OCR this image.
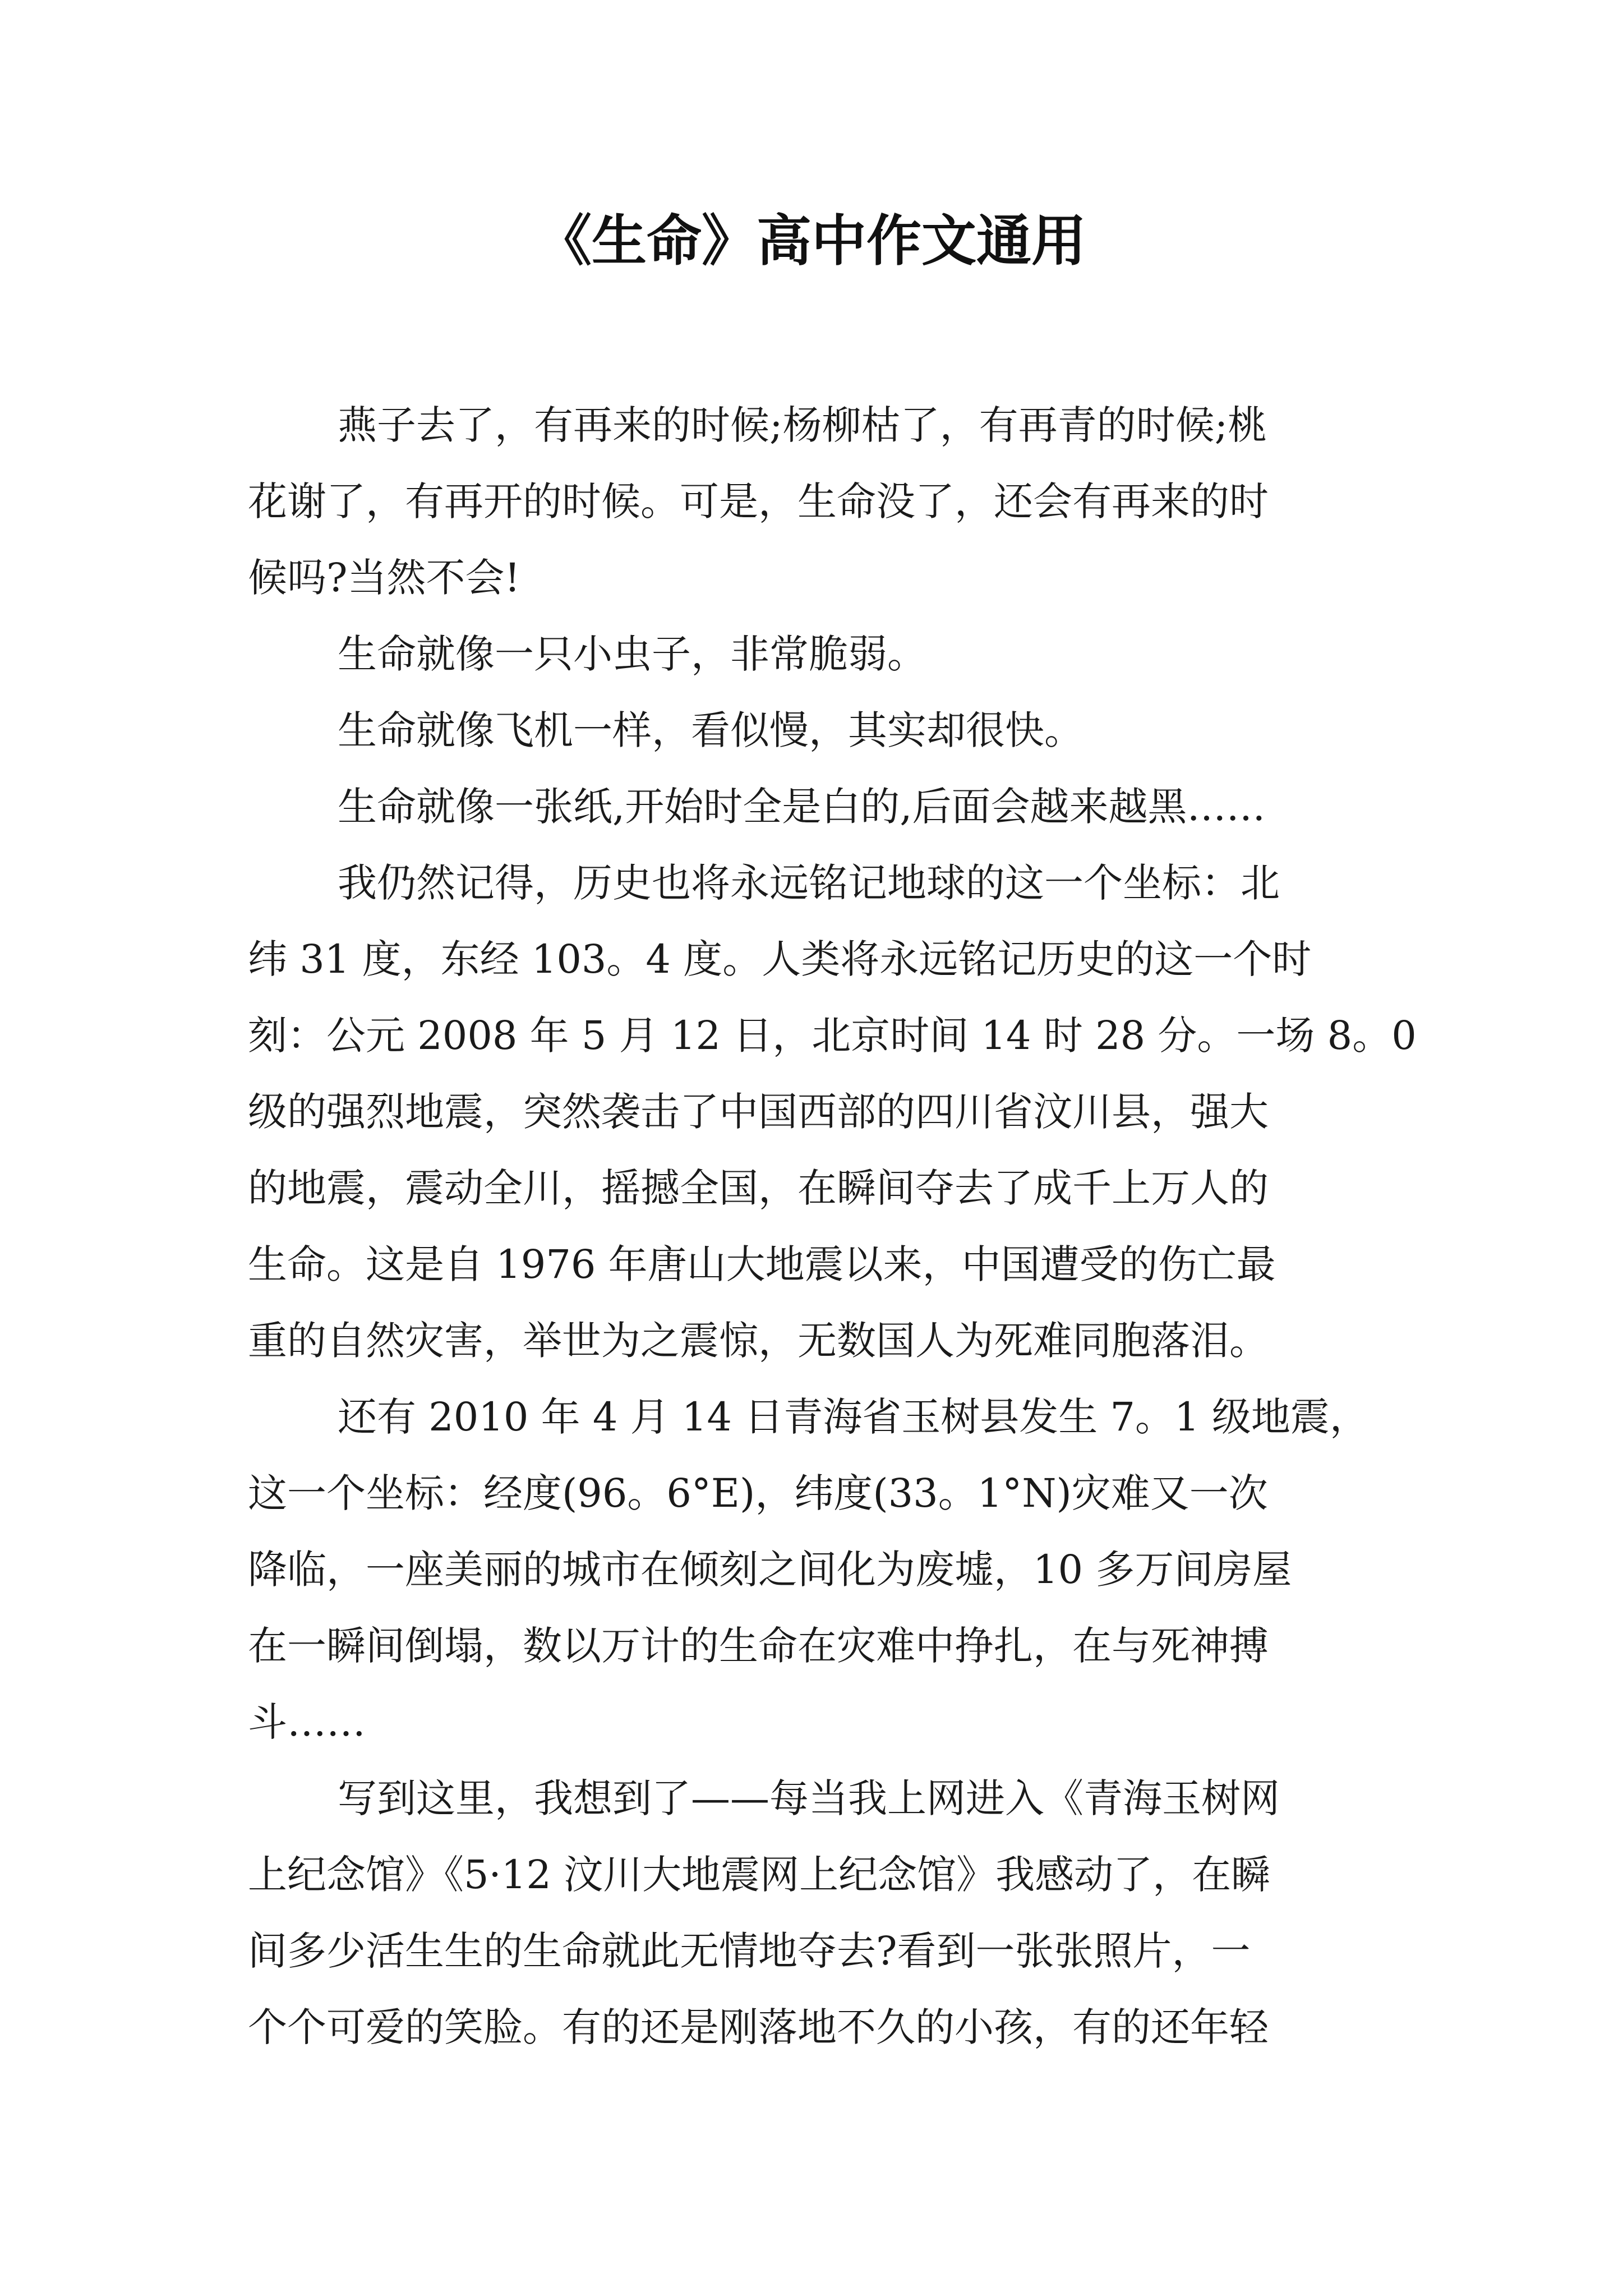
《生命》高中作文通用
燕子去了，有再来的时候;杨柳枯了，有再青的时候;桃
花谢了，有再开的时候。可是，生命没了，还会有再来的时
候吗?当然不会!
生命就像一只小虫子，非常脆弱。
生命就像飞机一样，看似慢，其实却很快。
生命就像一张纸,开始时全是白的,后面会越来越黑……
我仍然记得，历史也将永远铭记地球的这一个坐标：北
纬 31 度，东经 103。4 度。人类将永远铭记历史的这一个时
刻：公元 2008 年 5 月 12 日，北京时间 14 时 28 分。一场 8。0
级的强烈地震，突然袭击了中国西部的四川省汶川县，强大
的地震，震动全川，摇撼全国，在瞬间夺去了成千上万人的
生命。这是自 1976 年唐山大地震以来，中国遭受的伤亡最
重的自然灾害，举世为之震惊，无数国人为死难同胞落泪。
还有 2010 年 4 月 14 日青海省玉树县发生 7。1 级地震，
这一个坐标：经度(96。6°E)，纬度(33。1°N)灾难又一次
降临，一座美丽的城市在倾刻之间化为废墟，10 多万间房屋
在一瞬间倒塌，数以万计的生命在灾难中挣扎，在与死神搏
斗……
写到这里，我想到了——每当我上网进入《青海玉树网
上纪念馆》《5·12 汶川大地震网上纪念馆》我感动了，在瞬
间多少活生生的生命就此无情地夺去?看到一张张照片，一
个个可爱的笑脸。有的还是刚落地不久的小孩，有的还年轻
